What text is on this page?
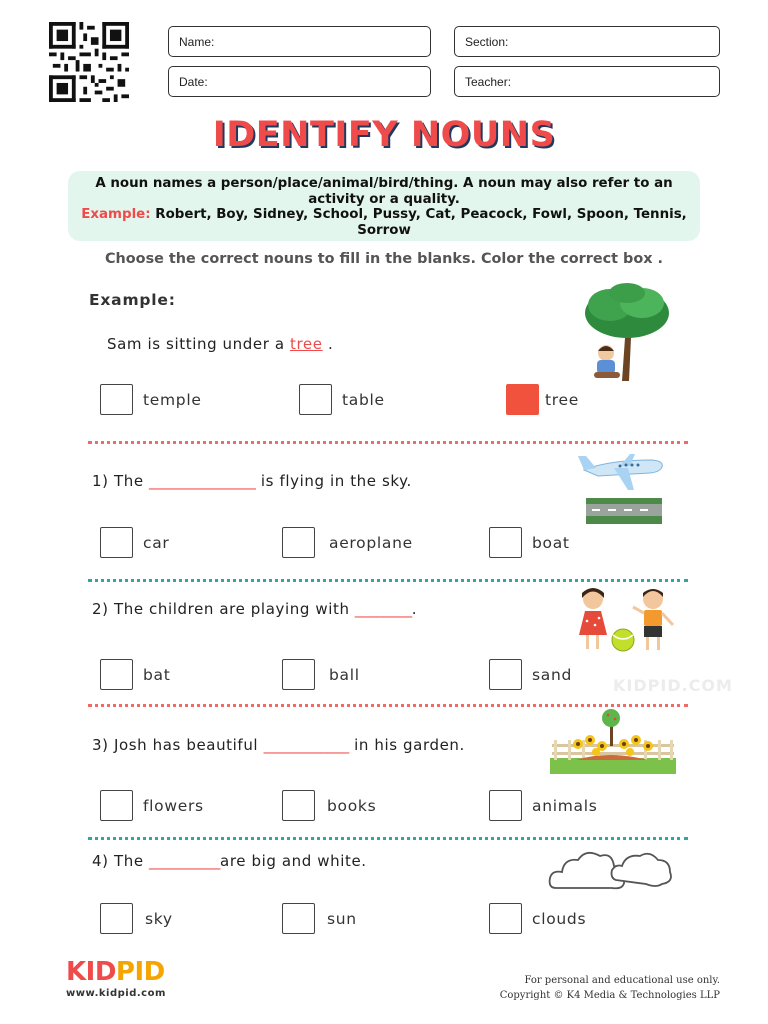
Name:	Section:
Date:	Teacher:
IDENTIFY NOUNS
A noun names a person/place/animal/bird/thing. A noun may also refer to an activity or a quality.
Example: Robert, Boy, Sidney, School, Pussy, Cat, Peacock, Fowl, Spoon, Tennis, Sorrow
Choose the correct nouns to fill in the blanks. Color the correct box .
Example:
Sam is sitting under a tree .
temple	table	tree
1) The _______________ is flying in the sky.
car	aeroplane	boat
2) The children are playing with ________.
bat	ball	sand
KIDPID.COM
3) Josh has beautiful ____________ in his garden.
flowers	books	animals
4) The __________are big and white.
sky	sun	clouds
KID PID
www.kidpid.com
For personal and educational use only.
Copyright © K4 Media & Technologies LLP
